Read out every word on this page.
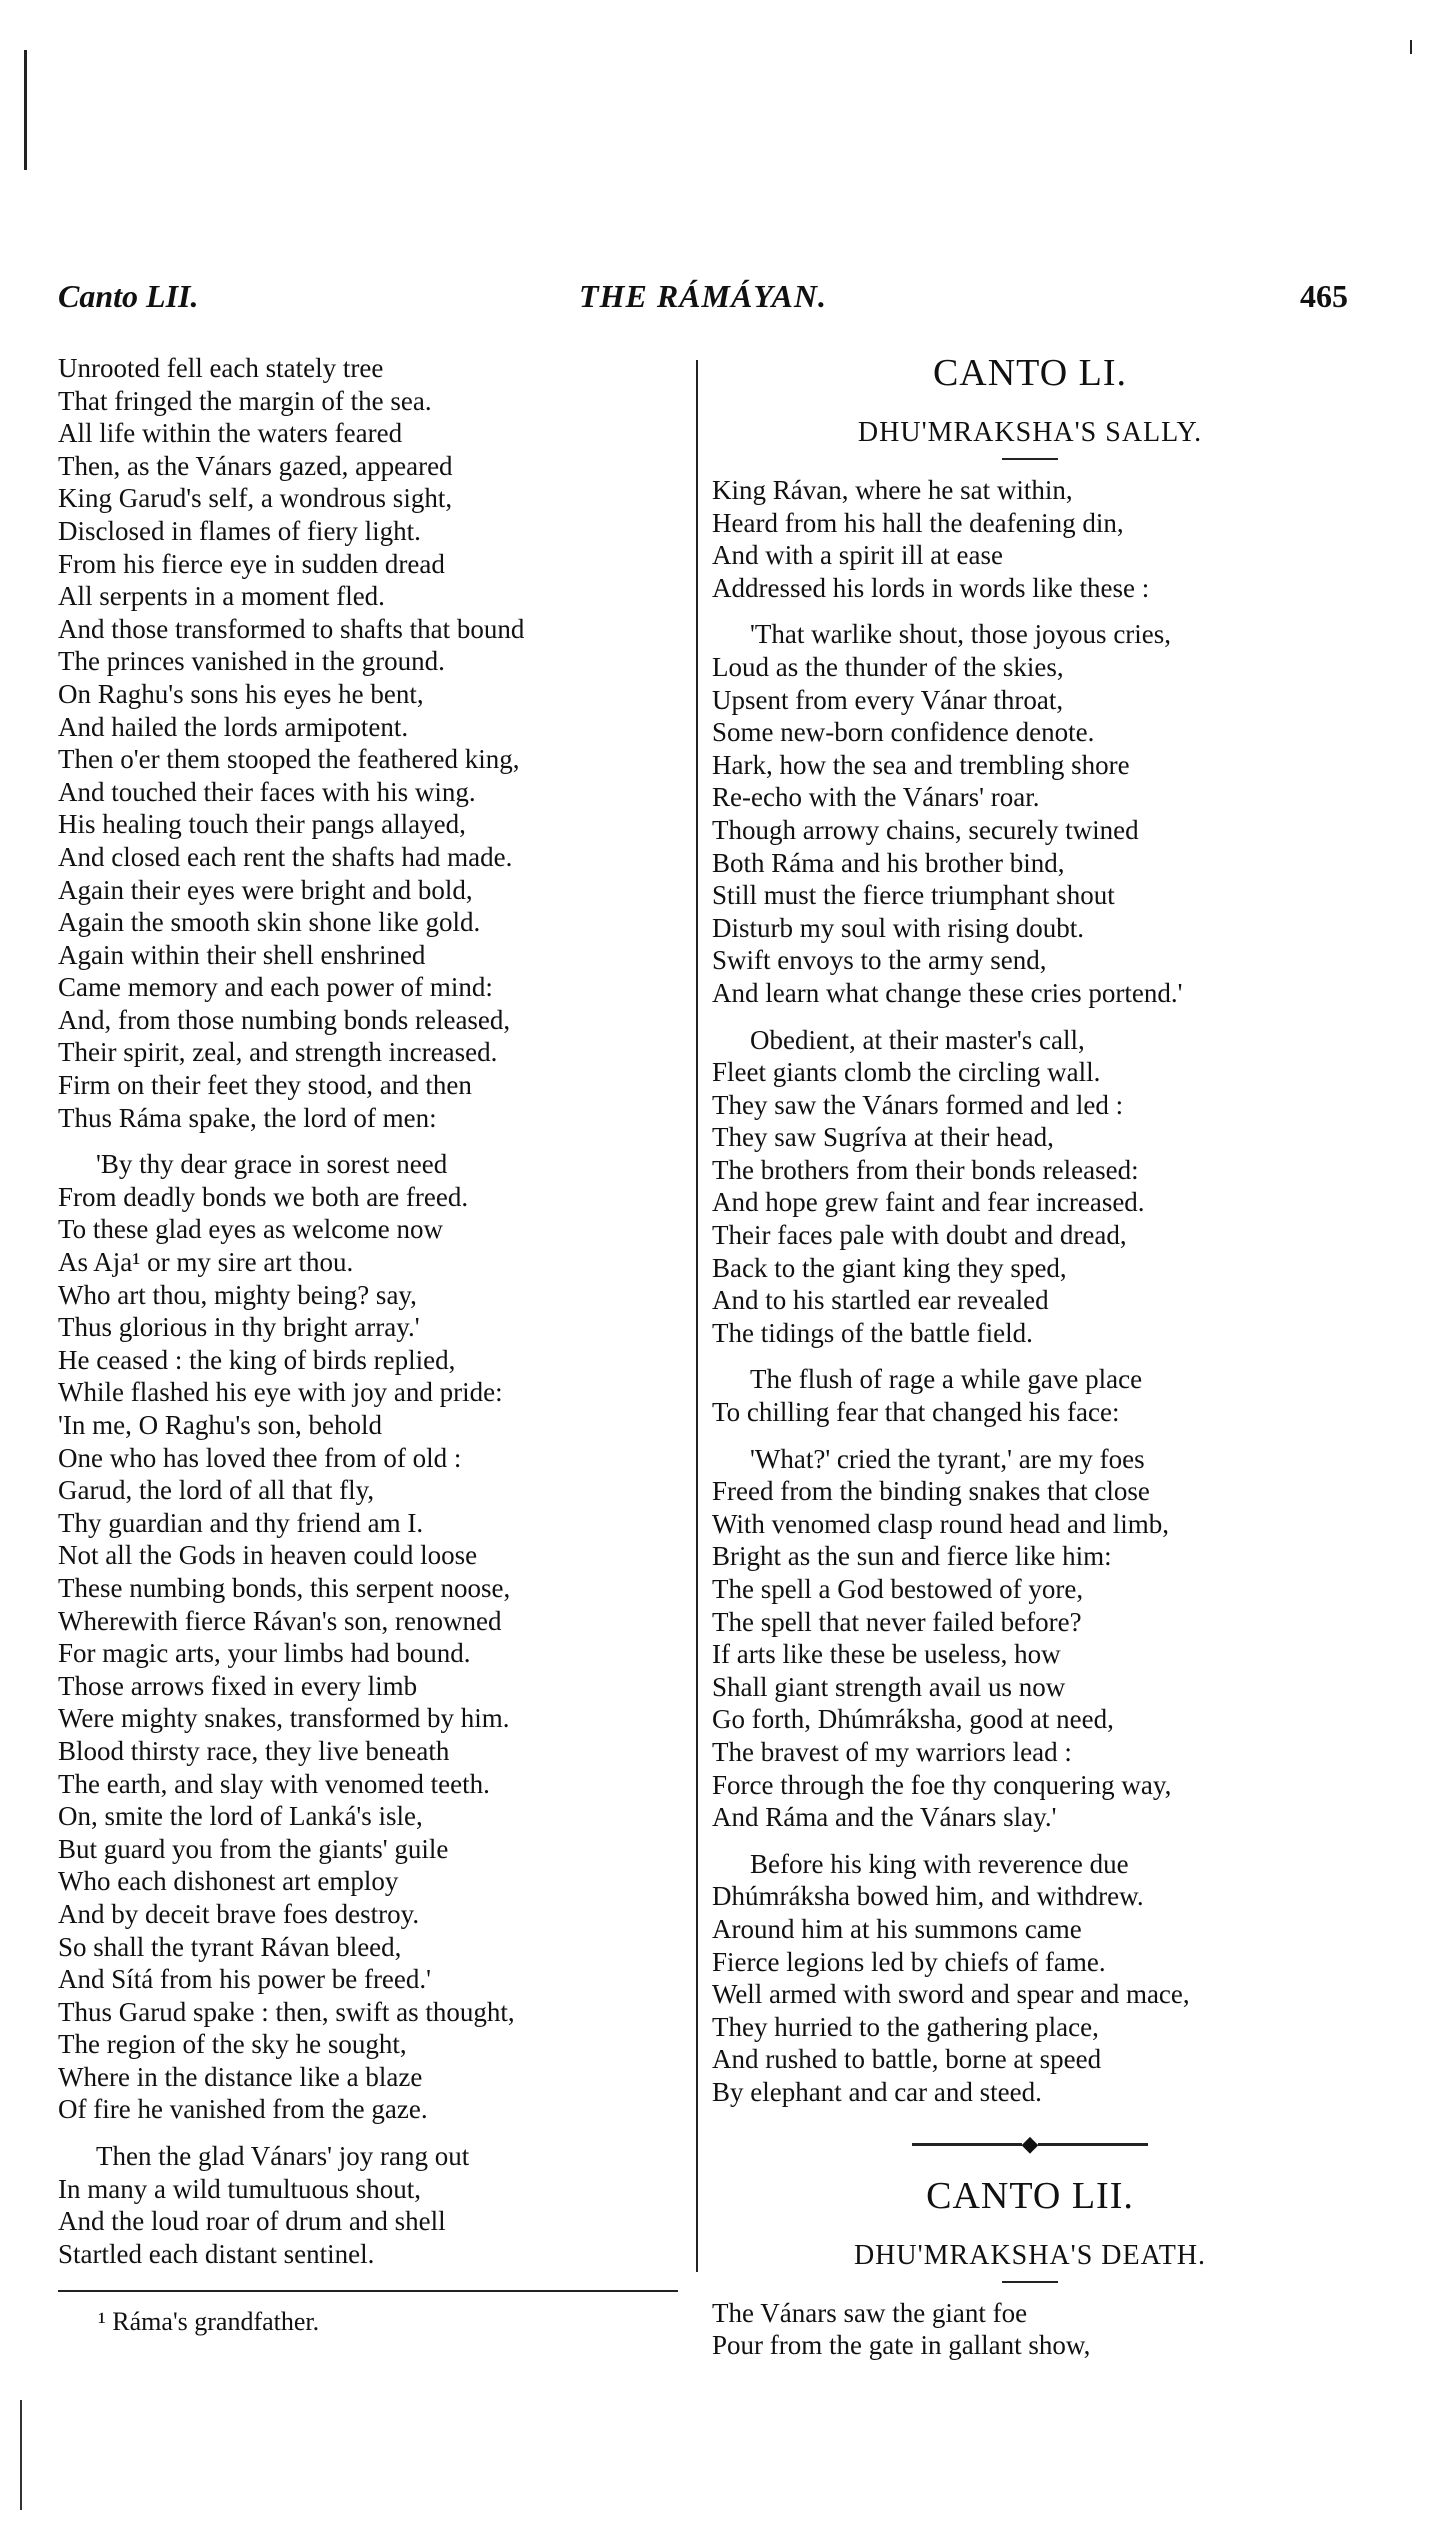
Canto LII.	THE RÁMÁYAN.	465
Unrooted fell each stately tree
That fringed the margin of the sea.
All life within the waters feared
Then, as the Vánars gazed, appeared
King Garud's self, a wondrous sight,
Disclosed in flames of fiery light.
From his fierce eye in sudden dread
All serpents in a moment fled.
And those transformed to shafts that bound
The princes vanished in the ground.
On Raghu's sons his eyes he bent,
And hailed the lords armipotent.
Then o'er them stooped the feathered king,
And touched their faces with his wing.
His healing touch their pangs allayed,
And closed each rent the shafts had made.
Again their eyes were bright and bold,
Again the smooth skin shone like gold.
Again within their shell enshrined
Came memory and each power of mind:
And, from those numbing bonds released,
Their spirit, zeal, and strength increased.
Firm on their feet they stood, and then
Thus Ráma spake, the lord of men:
'By thy dear grace in sorest need
From deadly bonds we both are freed.
To these glad eyes as welcome now
As Aja¹ or my sire art thou.
Who art thou, mighty being? say,
Thus glorious in thy bright array.'
He ceased : the king of birds replied,
While flashed his eye with joy and pride:
'In me, O Raghu's son, behold
One who has loved thee from of old :
Garud, the lord of all that fly,
Thy guardian and thy friend am I.
Not all the Gods in heaven could loose
These numbing bonds, this serpent noose,
Wherewith fierce Rávan's son, renowned
For magic arts, your limbs had bound.
Those arrows fixed in every limb
Were mighty snakes, transformed by him.
Blood thirsty race, they live beneath
The earth, and slay with venomed teeth.
On, smite the lord of Lanká's isle,
But guard you from the giants' guile
Who each dishonest art employ
And by deceit brave foes destroy.
So shall the tyrant Rávan bleed,
And Sítá from his power be freed.'
Thus Garud spake : then, swift as thought,
The region of the sky he sought,
Where in the distance like a blaze
Of fire he vanished from the gaze.
Then the glad Vánars' joy rang out
In many a wild tumultuous shout,
And the loud roar of drum and shell
Startled each distant sentinel.
¹ Ráma's grandfather.
CANTO LI.
DHU'MRAKSHA'S SALLY.
King Rávan, where he sat within,
Heard from his hall the deafening din,
And with a spirit ill at ease
Addressed his lords in words like these :
'That warlike shout, those joyous cries,
Loud as the thunder of the skies,
Upsent from every Vánar throat,
Some new-born confidence denote.
Hark, how the sea and trembling shore
Re-echo with the Vánars' roar.
Though arrowy chains, securely twined
Both Ráma and his brother bind,
Still must the fierce triumphant shout
Disturb my soul with rising doubt.
Swift envoys to the army send,
And learn what change these cries portend.'
Obedient, at their master's call,
Fleet giants clomb the circling wall.
They saw the Vánars formed and led :
They saw Sugríva at their head,
The brothers from their bonds released:
And hope grew faint and fear increased.
Their faces pale with doubt and dread,
Back to the giant king they sped,
And to his startled ear revealed
The tidings of the battle field.
The flush of rage a while gave place
To chilling fear that changed his face:
'What?' cried the tyrant,' are my foes
Freed from the binding snakes that close
With venomed clasp round head and limb,
Bright as the sun and fierce like him:
The spell a God bestowed of yore,
The spell that never failed before?
If arts like these be useless, how
Shall giant strength avail us now
Go forth, Dhúmráksha, good at need,
The bravest of my warriors lead :
Force through the foe thy conquering way,
And Ráma and the Vánars slay.'
Before his king with reverence due
Dhúmráksha bowed him, and withdrew.
Around him at his summons came
Fierce legions led by chiefs of fame.
Well armed with sword and spear and mace,
They hurried to the gathering place,
And rushed to battle, borne at speed
By elephant and car and steed.
◆
CANTO LII.
DHU'MRAKSHA'S DEATH.
The Vánars saw the giant foe
Pour from the gate in gallant show,
